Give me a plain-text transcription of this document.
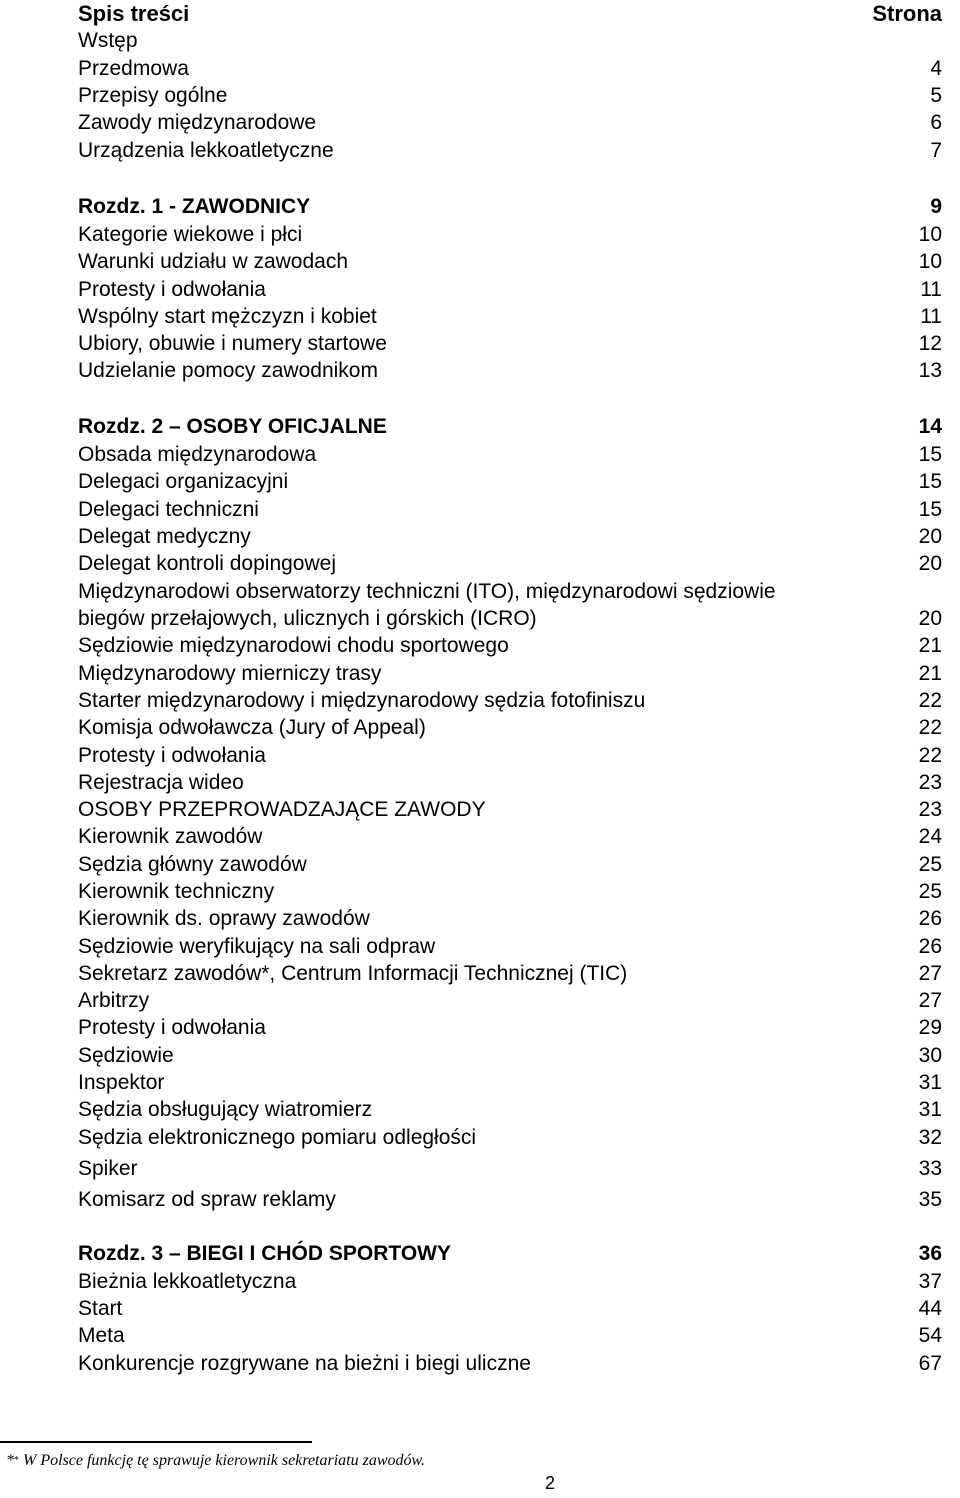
Spis treści	Strona
Wstęp
Przedmowa	4
Przepisy ogólne	5
Zawody międzynarodowe	6
Urządzenia lekkoatletyczne	7
Rozdz. 1 - ZAWODNICY	9
Kategorie wiekowe i płci	10
Warunki udziału w zawodach	10
Protesty i odwołania	11
Wspólny start mężczyzn i kobiet	11
Ubiory, obuwie i numery startowe	12
Udzielanie pomocy zawodnikom	13
Rozdz. 2 – OSOBY OFICJALNE	14
Obsada międzynarodowa	15
Delegaci organizacyjni	15
Delegaci techniczni	15
Delegat medyczny	20
Delegat kontroli dopingowej	20
Międzynarodowi obserwatorzy techniczni (ITO), międzynarodowi sędziowie
biegów przełajowych, ulicznych i górskich (ICRO)	20
Sędziowie międzynarodowi chodu sportowego	21
Międzynarodowy mierniczy trasy	21
Starter międzynarodowy i międzynarodowy sędzia fotofiniszu	22
Komisja odwoławcza (Jury of Appeal)	22
Protesty i odwołania	22
Rejestracja wideo	23
OSOBY PRZEPROWADZAJĄCE ZAWODY	23
Kierownik zawodów	24
Sędzia główny zawodów	25
Kierownik techniczny	25
Kierownik ds. oprawy zawodów	26
Sędziowie weryfikujący na sali odpraw	26
Sekretarz zawodów*, Centrum Informacji Technicznej (TIC)	27
Arbitrzy	27
Protesty i odwołania	29
Sędziowie	30
Inspektor	31
Sędzia obsługujący wiatromierz	31
Sędzia elektronicznego pomiaru odległości	32
Spiker	33
Komisarz od spraw reklamy	35
Rozdz. 3 – BIEGI I CHÓD SPORTOWY	36
Bieżnia lekkoatletyczna	37
Start	44
Meta	54
Konkurencje rozgrywane na bieżni i biegi uliczne	67
** W Polsce funkcję tę sprawuje kierownik sekretariatu zawodów.
2
